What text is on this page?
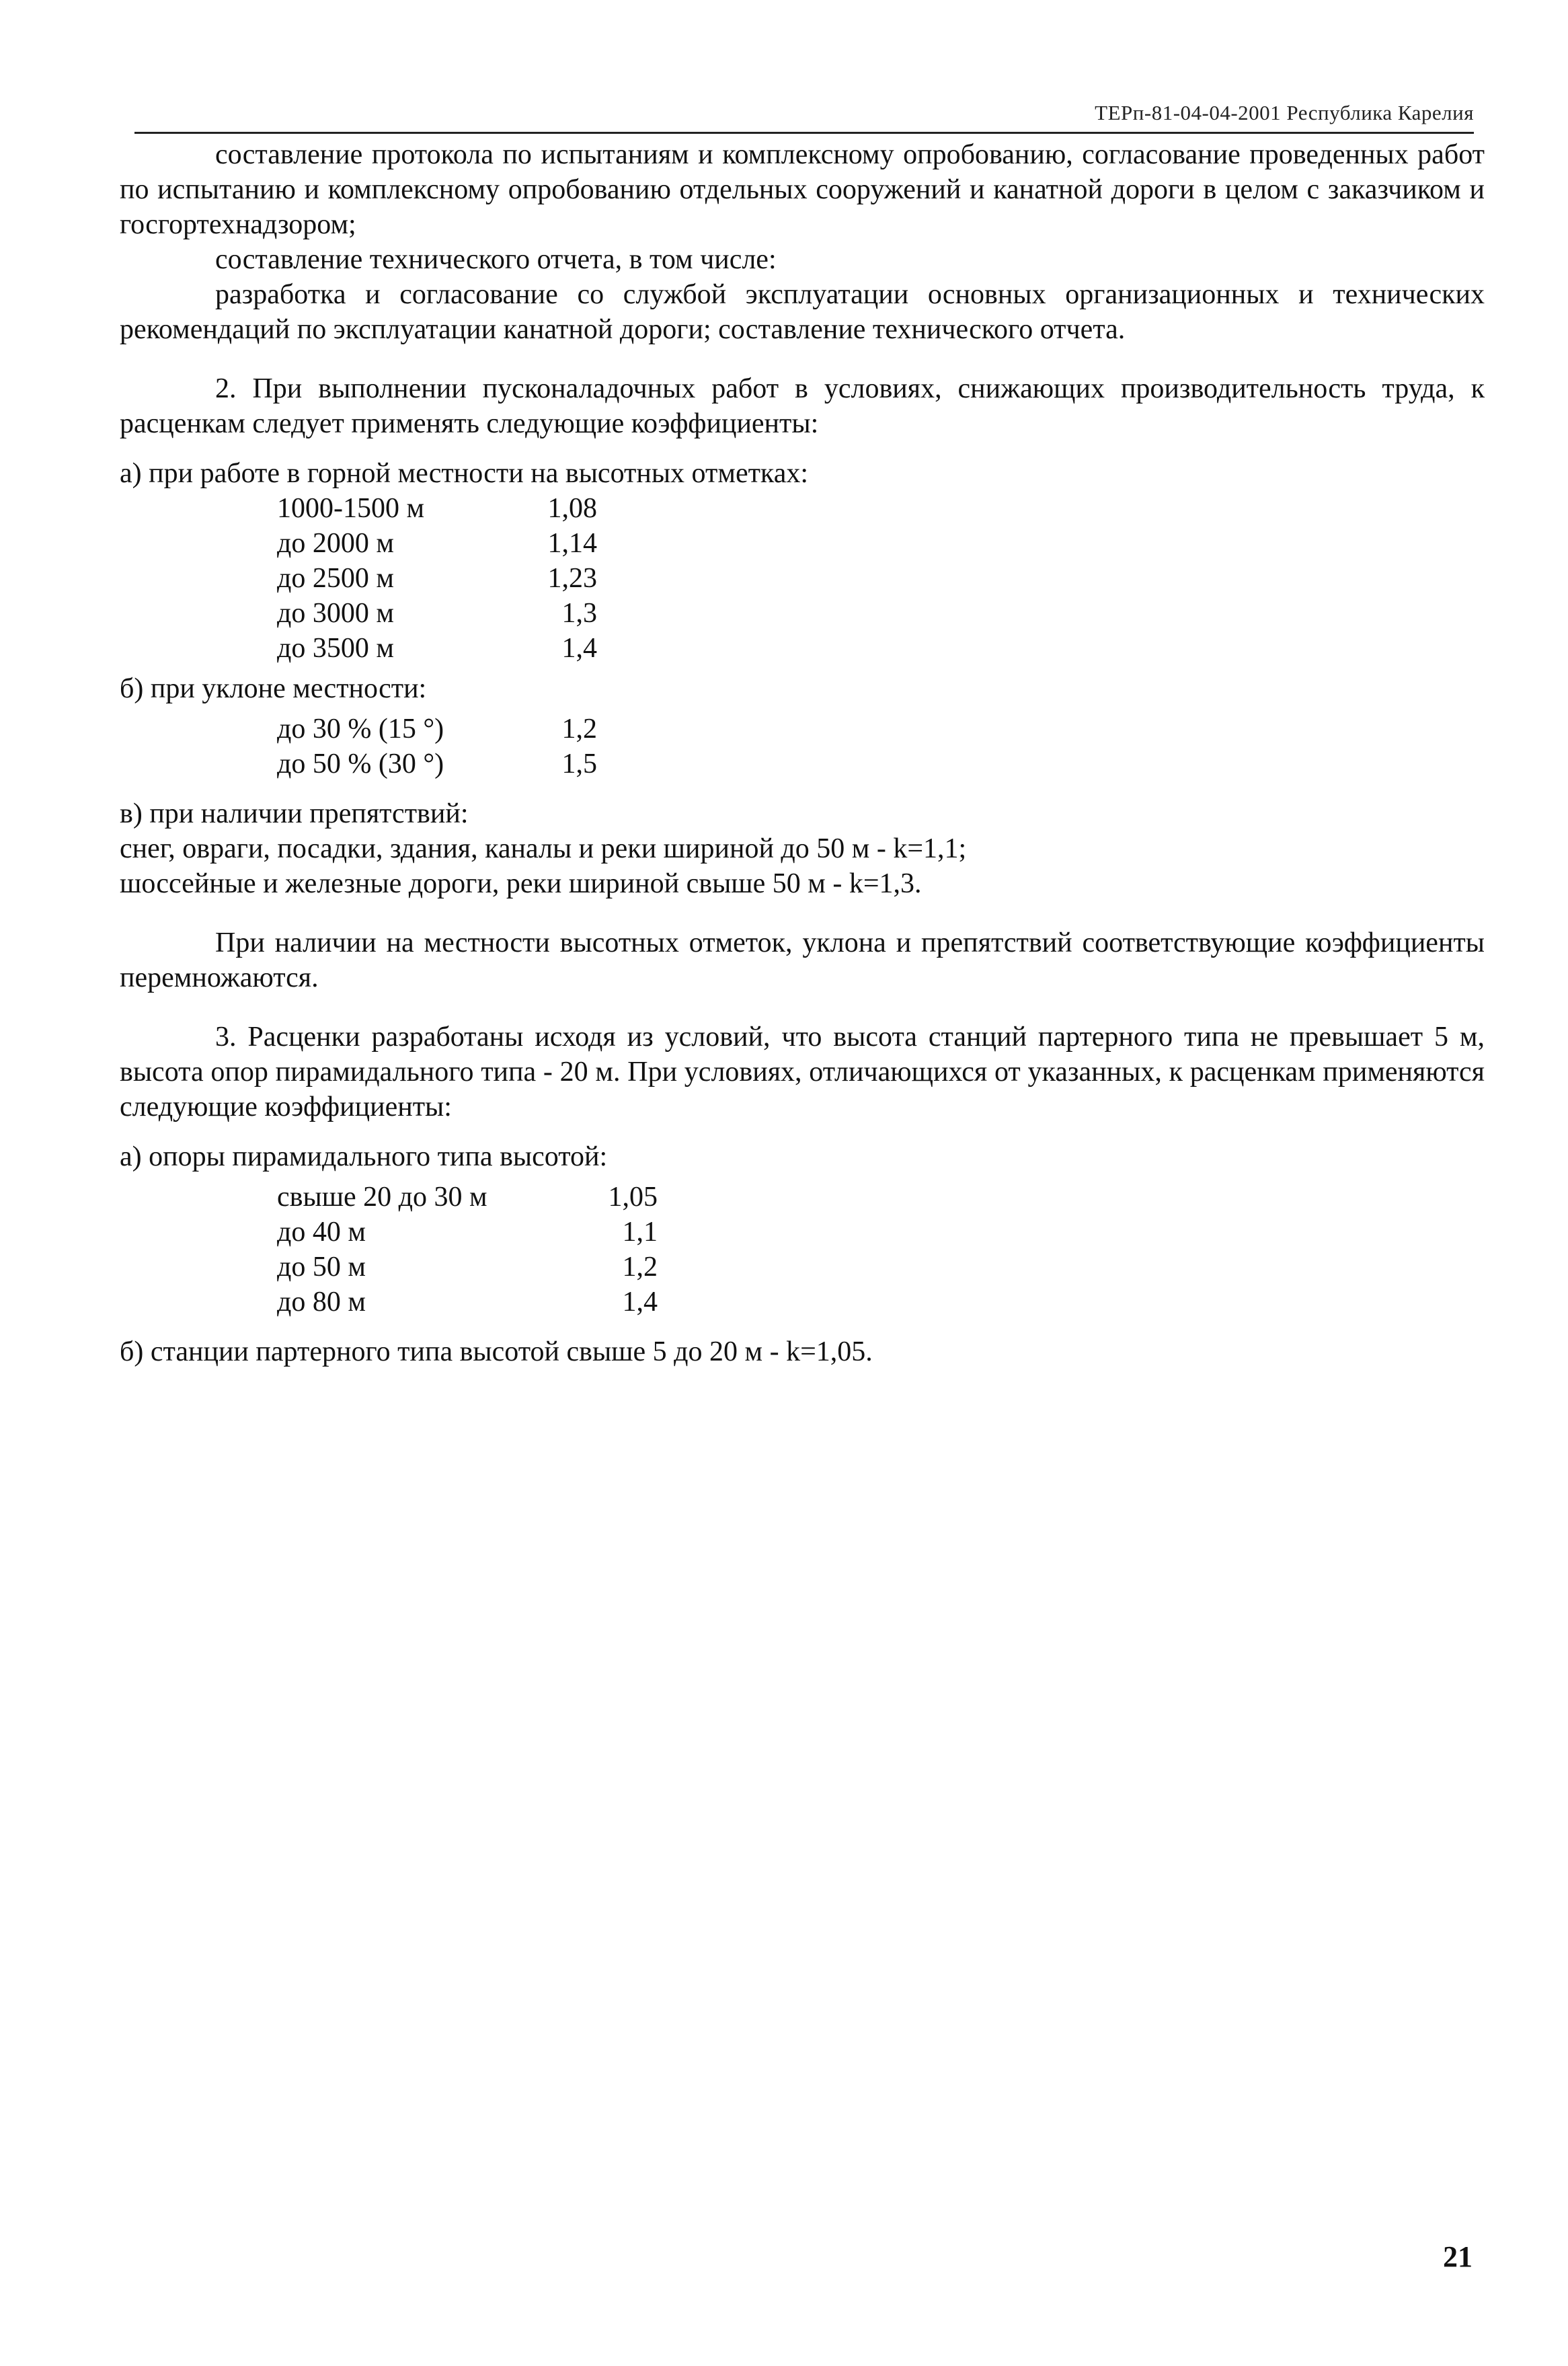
ТЕРп-81-04-04-2001 Республика Карелия

составление протокола по испытаниям и комплексному опробованию, согласование проведенных работ по испытанию и комплексному опробованию отдельных сооружений и канатной дороги в целом с заказчиком и госгортехнадзором;

составление технического отчета, в том числе:

разработка и согласование со службой эксплуатации основных организационных и технических рекомендаций по эксплуатации канатной дороги; составление технического отчета.

2. При выполнении пусконаладочных работ в условиях, снижающих производительность труда, к расценкам следует применять следующие коэффициенты:

а) при работе в горной местности на высотных отметках:

1000-1500 м	1,08
до 2000 м	1,14
до 2500 м	1,23
до 3000 м	1,3
до 3500 м	1,4

б) при уклоне местности:

до 30 % (15 °)	1,2
до 50 % (30 °)	1,5

в) при наличии препятствий:

снег, овраги, посадки, здания, каналы и реки шириной до 50 м - k=1,1;

шоссейные и железные дороги, реки шириной свыше 50 м - k=1,3.

При наличии на местности высотных отметок, уклона и препятствий соответствующие коэффициенты перемножаются.

3. Расценки разработаны исходя из условий, что высота станций партерного типа не превышает 5 м, высота опор пирамидального типа - 20 м. При условиях, отличающихся от указанных, к расценкам применяются следующие коэффициенты:

а) опоры пирамидального типа высотой:

свыше 20 до 30 м	1,05
до 40 м	1,1
до 50 м	1,2
до 80 м	1,4

б) станции партерного типа высотой свыше 5 до 20 м - k=1,05.

21
